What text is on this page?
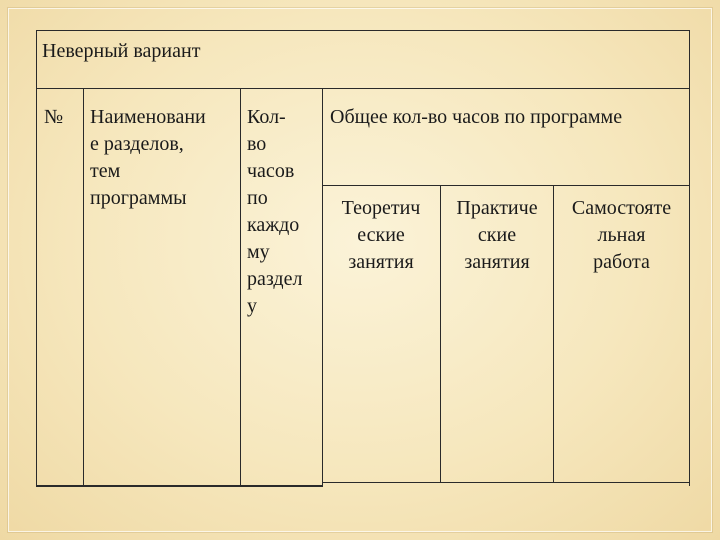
Неверный вариант
№ Наименовани
е разделов,
тем
программы
Кол-
во
часов
по
каждо
му
раздел
у
Общее кол-во часов по программе
Теоретич
еские
занятия
Практиче
ские
занятия
Самостояте
льная
работа
